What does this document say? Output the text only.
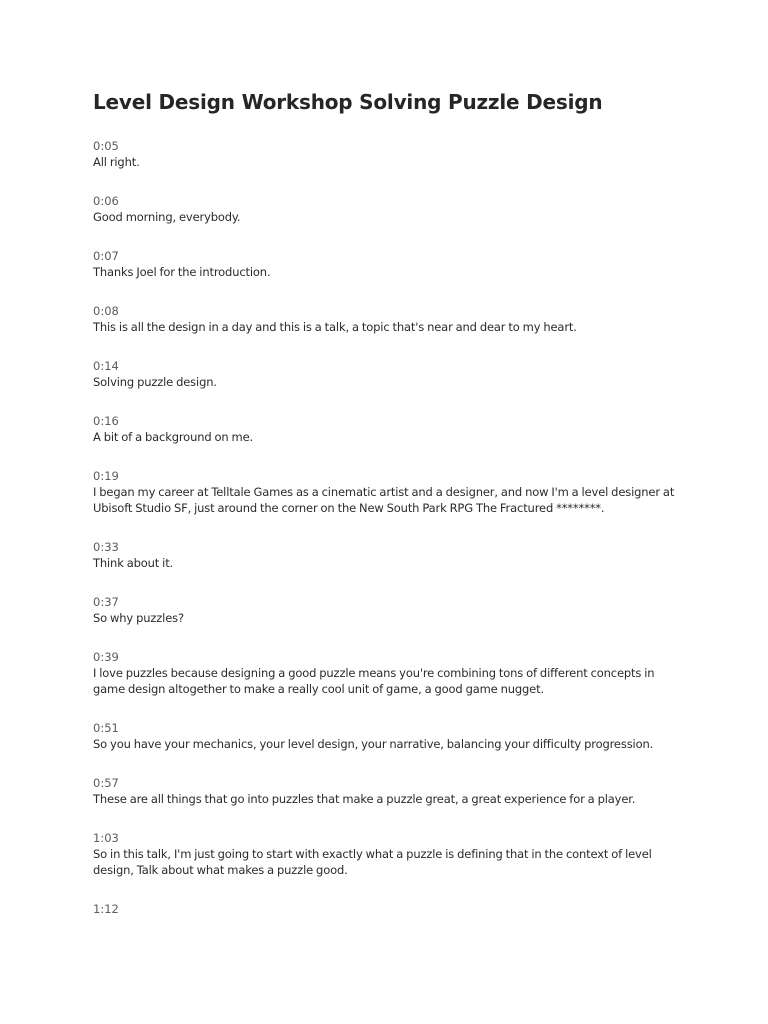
Level Design Workshop Solving Puzzle Design
0:05
All right.
0:06
Good morning, everybody.
0:07
Thanks Joel for the introduction.
0:08
This is all the design in a day and this is a talk, a topic that's near and dear to my heart.
0:14
Solving puzzle design.
0:16
A bit of a background on me.
0:19
I began my career at Telltale Games as a cinematic artist and a designer, and now I'm a level designer at Ubisoft Studio SF, just around the corner on the New South Park RPG The Fractured ********.
0:33
Think about it.
0:37
So why puzzles?
0:39
I love puzzles because designing a good puzzle means you're combining tons of different concepts in game design altogether to make a really cool unit of game, a good game nugget.
0:51
So you have your mechanics, your level design, your narrative, balancing your difficulty progression.
0:57
These are all things that go into puzzles that make a puzzle great, a great experience for a player.
1:03
So in this talk, I'm just going to start with exactly what a puzzle is defining that in the context of level design, Talk about what makes a puzzle good.
1:12
